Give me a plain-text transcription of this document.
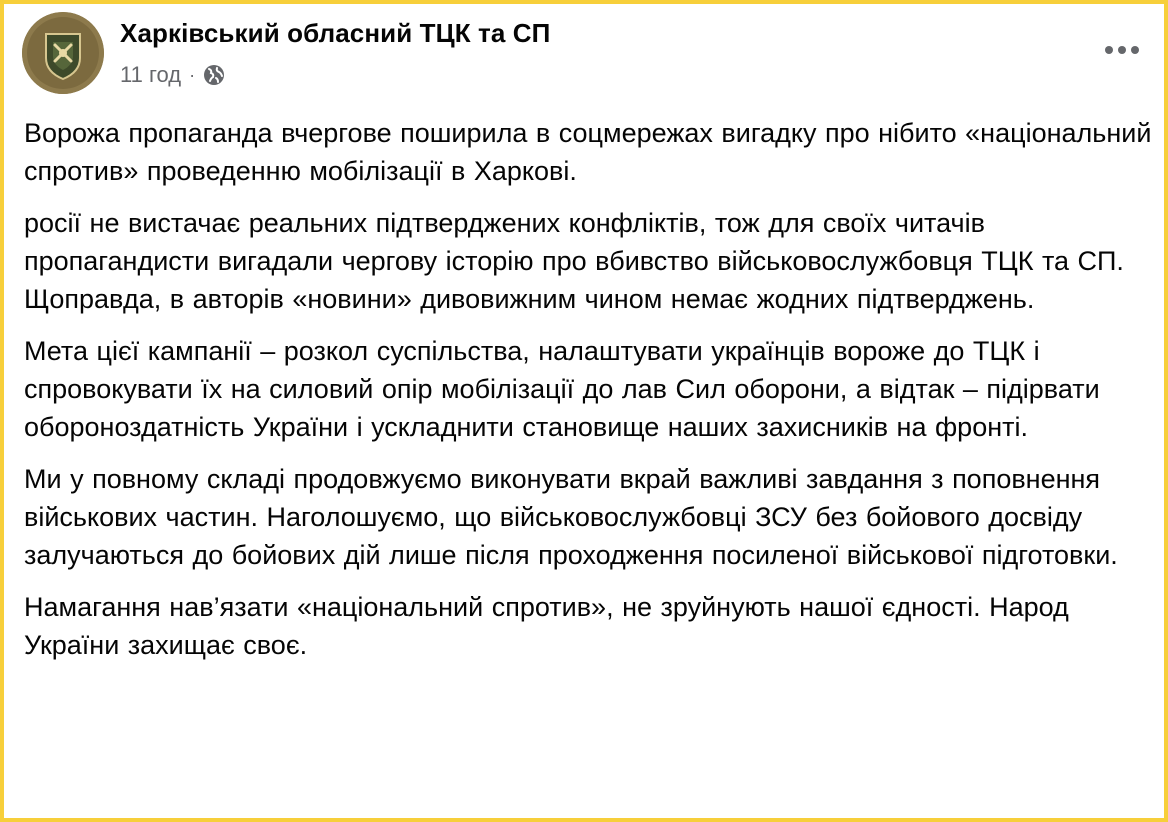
Харківський обласний ТЦК та СП
11 год ·

Ворожа пропаганда вчергове поширила в соцмережах вигадку про нібито «національний спротив» проведенню мобілізації в Харкові.

росії не вистачає реальних підтверджених конфліктів, тож для своїх читачів пропагандисти вигадали чергову історію про вбивство військовослужбовця ТЦК та СП. Щоправда, в авторів «новини» дивовижним чином немає жодних підтверджень.

Мета цієї кампанії – розкол суспільства, налаштувати українців вороже до ТЦК і спровокувати їх на силовий опір мобілізації до лав Сил оборони, а відтак – підірвати обороноздатність України і ускладнити становище наших захисників на фронті.

Ми у повному складі продовжуємо виконувати вкрай важливі завдання з поповнення військових частин. Наголошуємо, що військовослужбовці ЗСУ без бойового досвіду залучаються до бойових дій лише після проходження посиленої військової підготовки.

Намагання нав’язати «національний спротив», не зруйнують нашої єдності. Народ України захищає своє.
